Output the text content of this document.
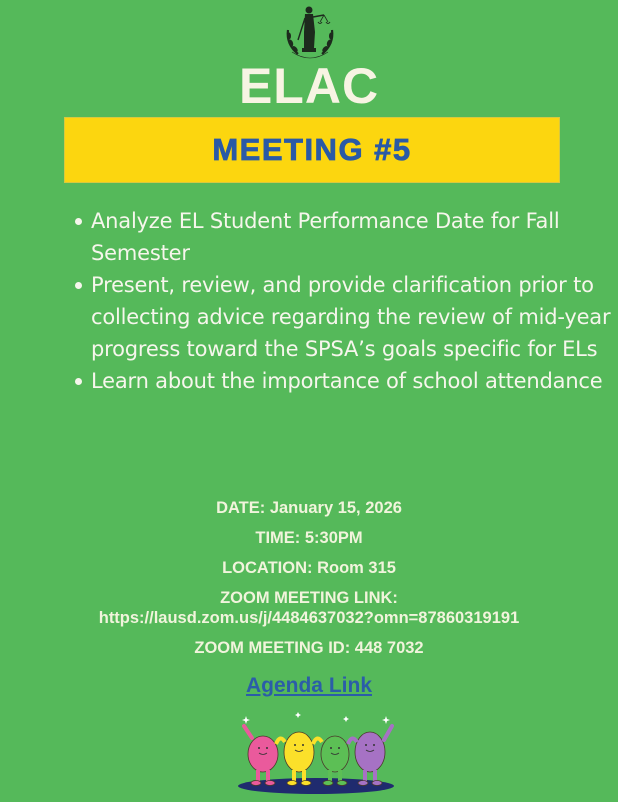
ELAC
MEETING #5
Analyze EL Student Performance Date for Fall Semester
Present, review, and provide clarification prior to collecting advice regarding the review of mid-year progress toward the SPSA’s goals specific for ELs
Learn about the importance of school attendance
DATE: January 15, 2026
TIME: 5:30PM
LOCATION: Room 315
ZOOM MEETING LINK:
https://lausd.zom.us/j/4484637032?omn=87860319191
ZOOM MEETING ID: 448 7032
Agenda Link
